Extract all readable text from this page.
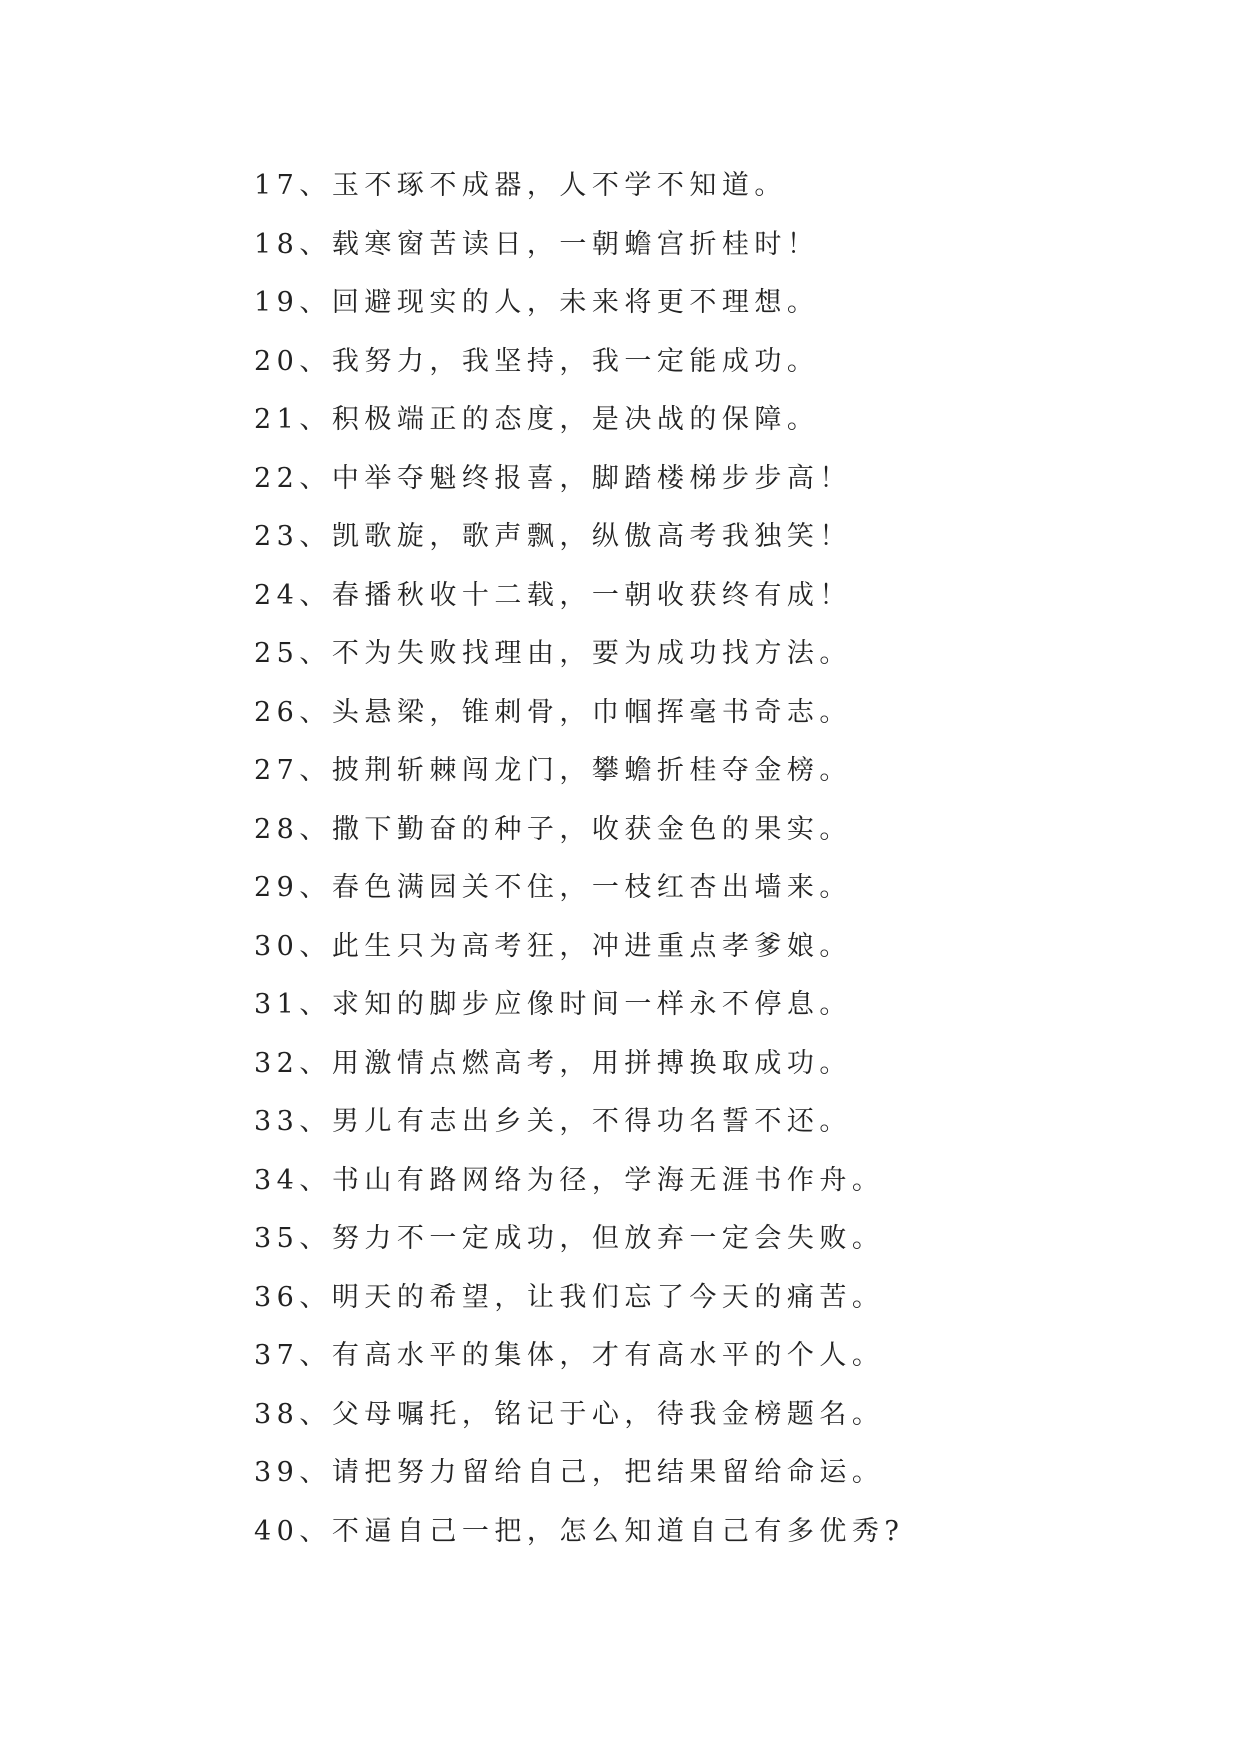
17、玉不琢不成器，人不学不知道。
18、载寒窗苦读日，一朝蟾宫折桂时！
19、回避现实的人，未来将更不理想。
20、我努力，我坚持，我一定能成功。
21、积极端正的态度，是决战的保障。
22、中举夺魁终报喜，脚踏楼梯步步高！
23、凯歌旋，歌声飘，纵傲高考我独笑！
24、春播秋收十二载，一朝收获终有成！
25、不为失败找理由，要为成功找方法。
26、头悬梁，锥刺骨，巾帼挥毫书奇志。
27、披荆斩棘闯龙门，攀蟾折桂夺金榜。
28、撒下勤奋的种子，收获金色的果实。
29、春色满园关不住，一枝红杏出墙来。
30、此生只为高考狂，冲进重点孝爹娘。
31、求知的脚步应像时间一样永不停息。
32、用激情点燃高考，用拼搏换取成功。
33、男儿有志出乡关，不得功名誓不还。
34、书山有路网络为径，学海无涯书作舟。
35、努力不一定成功，但放弃一定会失败。
36、明天的希望，让我们忘了今天的痛苦。
37、有高水平的集体，才有高水平的个人。
38、父母嘱托，铭记于心，待我金榜题名。
39、请把努力留给自己，把结果留给命运。
40、不逼自己一把，怎么知道自己有多优秀?
